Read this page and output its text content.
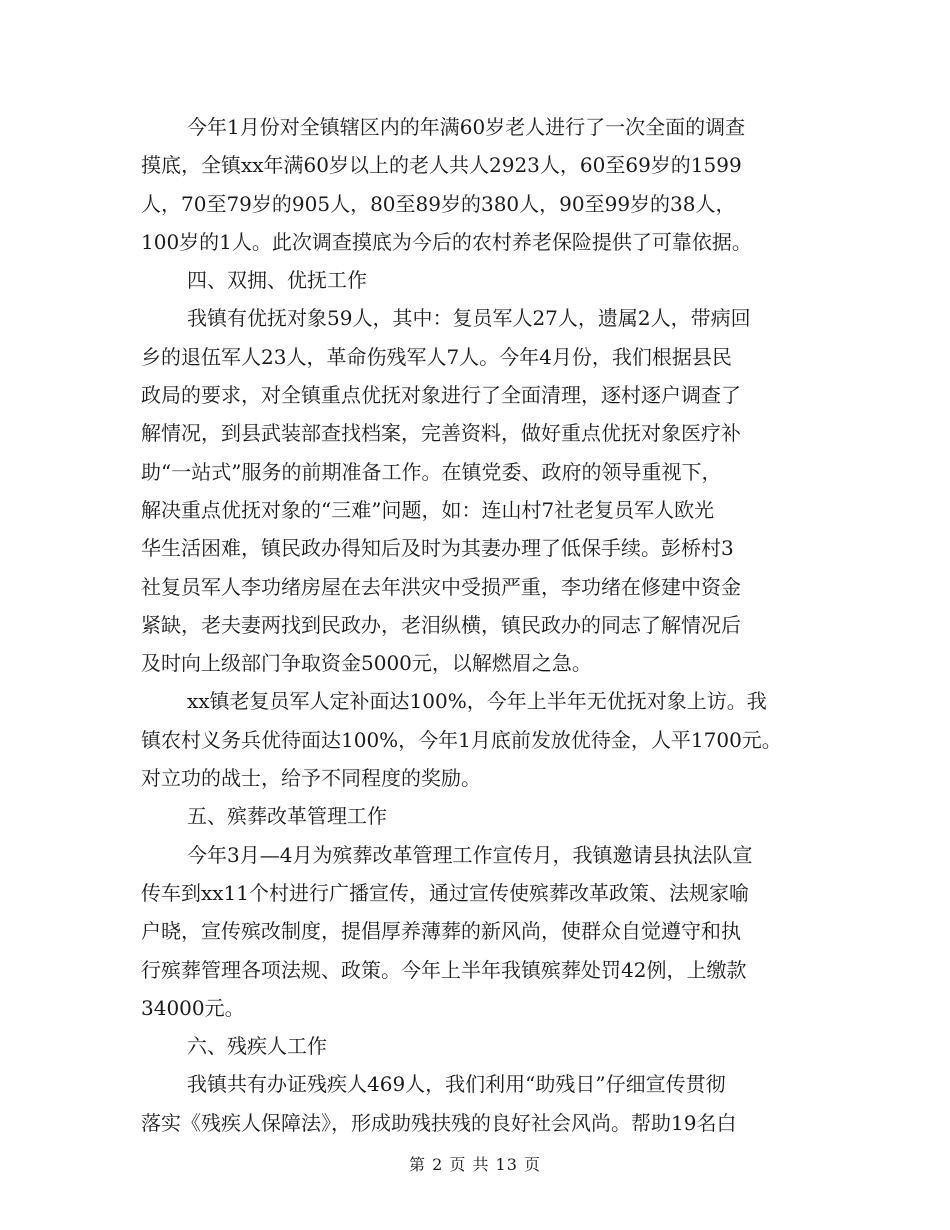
今年1月份对全镇辖区内的年满60岁老人进行了一次全面的调查
摸底，全镇xx年满60岁以上的老人共人2923人，60至69岁的1599
人，70至79岁的905人，80至89岁的380人，90至99岁的38人，
100岁的1人。此次调查摸底为今后的农村养老保险提供了可靠依据。
四、双拥、优抚工作
我镇有优抚对象59人，其中：复员军人27人，遗属2人，带病回
乡的退伍军人23人，革命伤残军人7人。今年4月份，我们根据县民
政局的要求，对全镇重点优抚对象进行了全面清理，逐村逐户调查了
解情况，到县武装部查找档案，完善资料，做好重点优抚对象医疗补
助“一站式”服务的前期准备工作。在镇党委、政府的领导重视下，
解决重点优抚对象的“三难”问题，如：连山村7社老复员军人欧光
华生活困难，镇民政办得知后及时为其妻办理了低保手续。彭桥村3
社复员军人李功绪房屋在去年洪灾中受损严重，李功绪在修建中资金
紧缺，老夫妻两找到民政办，老泪纵横，镇民政办的同志了解情况后
及时向上级部门争取资金5000元，以解燃眉之急。
xx镇老复员军人定补面达100%，今年上半年无优抚对象上访。我
镇农村义务兵优待面达100%，今年1月底前发放优待金，人平1700元。
对立功的战士，给予不同程度的奖励。
五、殡葬改革管理工作
今年3月—4月为殡葬改革管理工作宣传月，我镇邀请县执法队宣
传车到xx11个村进行广播宣传，通过宣传使殡葬改革政策、法规家喻
户晓，宣传殡改制度，提倡厚养薄葬的新风尚，使群众自觉遵守和执
行殡葬管理各项法规、政策。今年上半年我镇殡葬处罚42例，上缴款
34000元。
六、残疾人工作
我镇共有办证残疾人469人，我们利用“助残日”仔细宣传贯彻
落实《残疾人保障法》，形成助残扶残的良好社会风尚。帮助19名白
第 2 页 共 13 页
